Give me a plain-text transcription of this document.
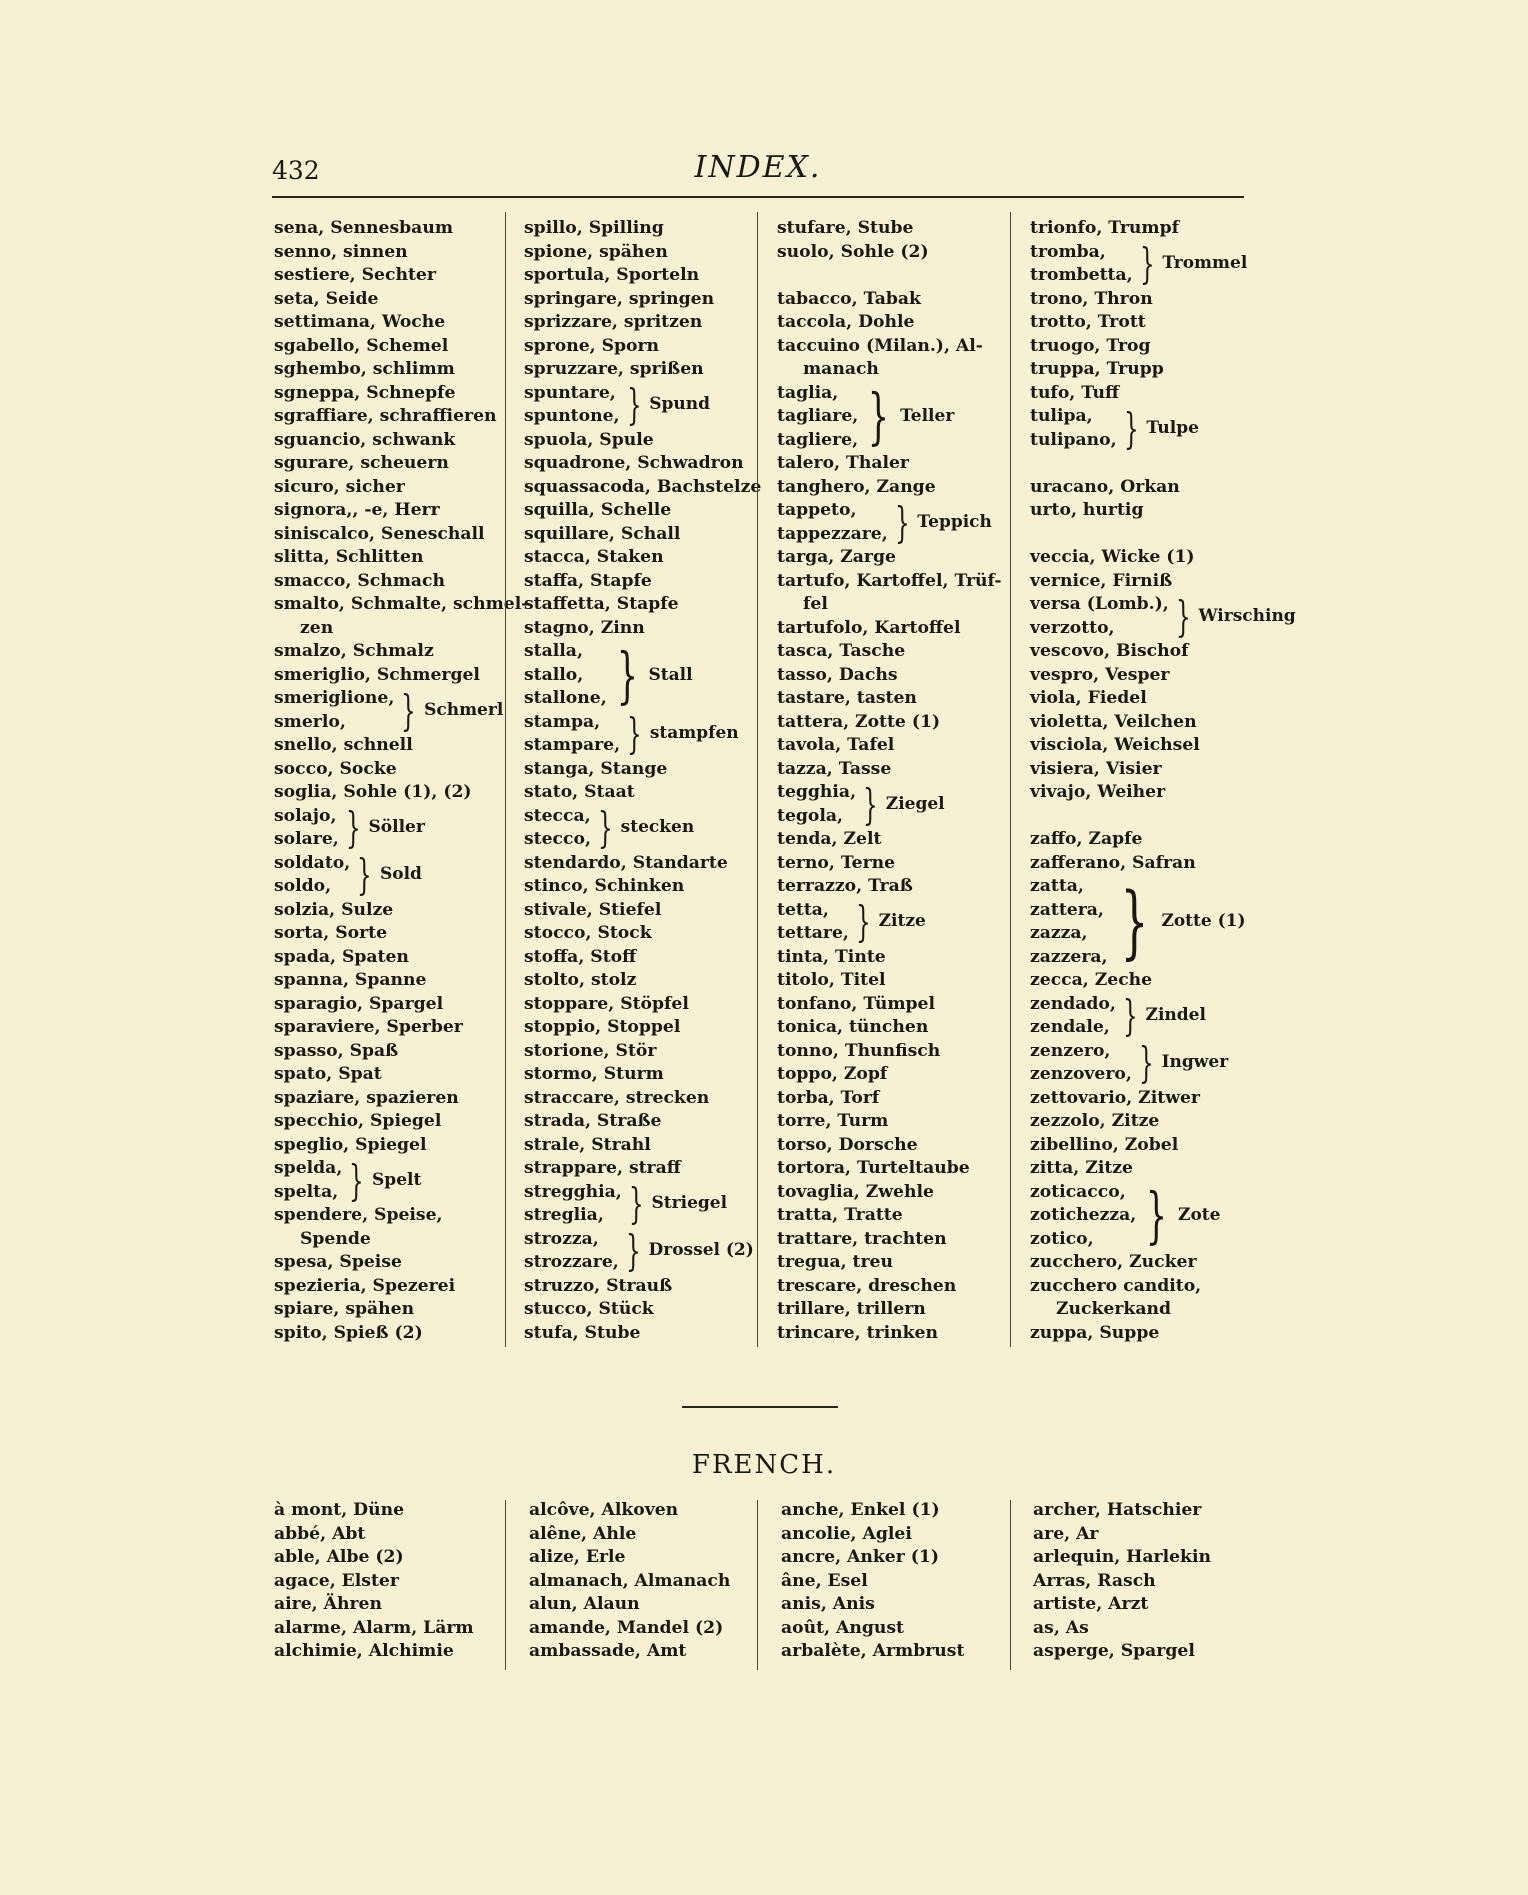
432	INDEX.
sena, Sennesbaum
senno, sinnen
sestiere, Sechter
seta, Seide
settimana, Woche
sgabello, Schemel
sghembo, schlimm
sgneppa, Schnepfe
sgraffiare, schraffieren
sguancio, schwank
sgurare, scheuern
sicuro, sicher
signora,, -e, Herr
siniscalco, Seneschall
slitta, Schlitten
smacco, Schmach
smalto, Schmalte, schmel-
zen
smalzo, Schmalz
smeriglio, Schmergel
smeriglione,
smerlo,	} Schmerl
snello, schnell
socco, Socke
soglia, Sohle (1), (2)
solajo,
solare, } Söller
soldato,
soldo, } Sold
solzia, Sulze
sorta, Sorte
spada, Spaten
spanna, Spanne
sparagio, Spargel
sparaviere, Sperber
spasso, Spaß
spato, Spat
spaziare, spazieren
specchio, Spiegel
speglio, Spiegel
spelda,
spelta, } Spelt
spendere, Speise,
Spende
spesa, Speise
spezieria, Spezerei
spiare, spähen
spito, Spieß (2)
spillo, Spilling
spione, spähen
sportula, Sporteln
springare, springen
sprizzare, spritzen
sprone, Sporn
spruzzare, sprißen
spuntare,
spuntone, } Spund
spuola, Spule
squadrone, Schwadron
squassacoda, Bachstelze
squilla, Schelle
squillare, Schall
stacca, Staken
staffa, Stapfe
staffetta, Stapfe
stagno, Zinn
stalla,
stallo,
stallone, } Stall
stampa,
stampare, } stampfen
stanga, Stange
stato, Staat
stecca,
stecco, } stecken
stendardo, Standarte
stinco, Schinken
stivale, Stiefel
stocco, Stock
stoffa, Stoff
stolto, stolz
stoppare, Stöpfel
stoppio, Stoppel
storione, Stör
stormo, Sturm
straccare, strecken
strada, Straße
strale, Strahl
strappare, straff
stregghia,
streglia, } Striegel
strozza,
strozzare, } Drossel (2)
struzzo, Strauß
stucco, Stück
stufa, Stube
stufare, Stube
suolo, Sohle (2)

tabacco, Tabak
taccola, Dohle
taccuino (Milan.), Al-
manach
taglia,
tagliare,
tagliere, } Teller
talero, Thaler
tanghero, Zange
tappeto,
tappezzare, } Teppich
targa, Zarge
tartufo, Kartoffel, Trüf-
fel
tartufolo, Kartoffel
tasca, Tasche
tasso, Dachs
tastare, tasten
tattera, Zotte (1)
tavola, Tafel
tazza, Tasse
tegghia,
tegola, } Ziegel
tenda, Zelt
terno, Terne
terrazzo, Traß
tetta,
tettare, } Zitze
tinta, Tinte
titolo, Titel
tonfano, Tümpel
tonica, tünchen
tonno, Thunfisch
toppo, Zopf
torba, Torf
torre, Turm
torso, Dorsche
tortora, Turteltaube
tovaglia, Zwehle
tratta, Tratte
trattare, trachten
tregua, treu
trescare, dreschen
trillare, trillern
trincare, trinken
trionfo, Trumpf
tromba,
trombetta, } Trommel
trono, Thron
trotto, Trott
truogo, Trog
truppa, Trupp
tufo, Tuff
tulipa,
tulipano, } Tulpe

uracano, Orkan
urto, hurtig

veccia, Wicke (1)
vernice, Firniß
versa (Lomb.),
verzotto,	} Wirsching
vescovo, Bischof
vespro, Vesper
viola, Fiedel
violetta, Veilchen
visciola, Weichsel
visiera, Visier
vivajo, Weiher

zaffo, Zapfe
zafferano, Safran
zatta,
zattera,
zazza,
zazzera, } Zotte (1)
zecca, Zeche
zendado,
zendale, } Zindel
zenzero,
zenzovero, } Ingwer
zettovario, Zitwer
zezzolo, Zitze
zibellino, Zobel
zitta, Zitze
zoticacco,
zotichezza,
zotico, } Zote
zucchero, Zucker
zucchero candito,
Zuckerkand
zuppa, Suppe
FRENCH.
à mont, Düne
abbé, Abt
able, Albe (2)
agace, Elster
aire, Ähren
alarme, Alarm, Lärm
alchimie, Alchimie
alcôve, Alkoven
alêne, Ahle
alize, Erle
almanach, Almanach
alun, Alaun
amande, Mandel (2)
ambassade, Amt
anche, Enkel (1)
ancolie, Aglei
ancre, Anker (1)
âne, Esel
anis, Anis
août, Angust
arbalète, Armbrust
archer, Hatschier
are, Ar
arlequin, Harlekin
Arras, Rasch
artiste, Arzt
as, As
asperge, Spargel
